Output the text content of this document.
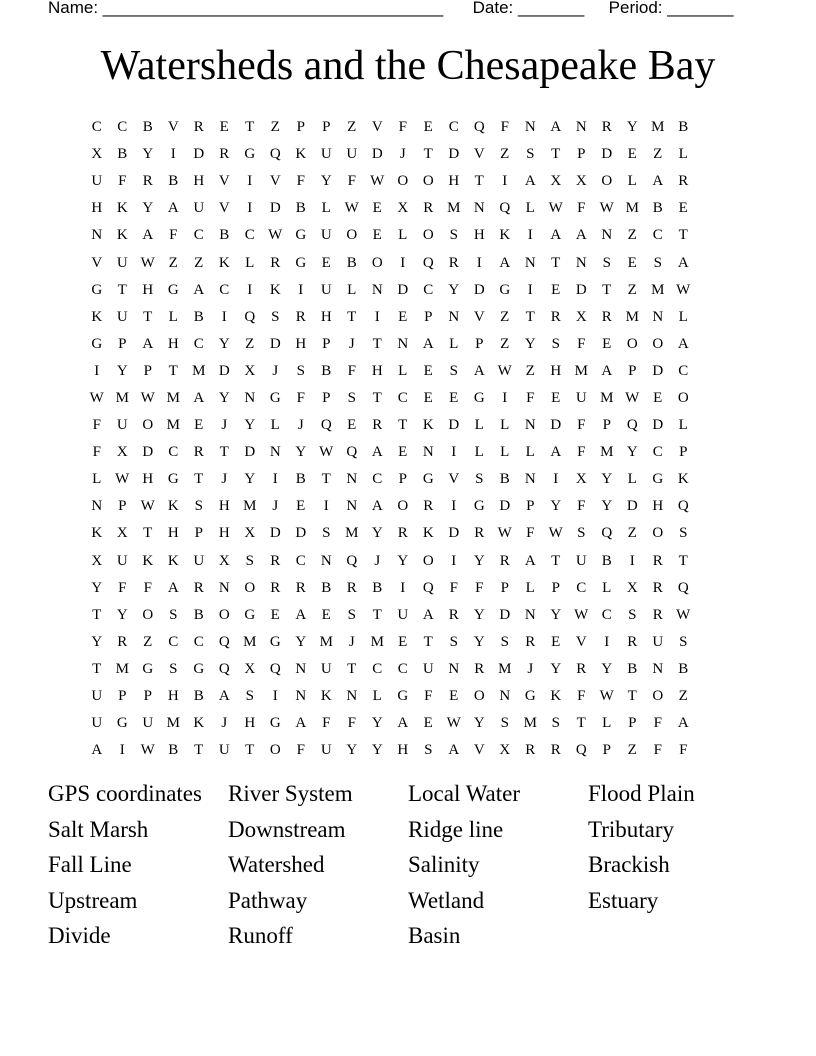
Name: ____________________________________ Date: _______ Period: _______
Watersheds and the Chesapeake Bay
C	C	B	V	R	E	T	Z	P	P	Z	V	F	E	C	Q	F	N A N	R	Y M B
X	B	Y	I	D	R	G Q K U U D	J	T	D V	Z	S	T	P	D	E	Z	L
U	F	R	B	H V	I	V	F	Y	F W O O H	T	I	A X X O	L	A	R
H K Y A U V	I	D	B	L W E	X	R M N Q	L W F W M B	E
N K A	F	C	B	C W G U O	E	L	O	S	H K	I	A A N	Z	C	T
V U W Z	Z	K	L	R	G	E	B	O	I	Q	R	I	A N	T	N	S	E	S	A
G	T	H G A	C	I	K	I	U	L	N D	C	Y D G	I	E	D	T	Z M W
K U	T	L	B	I	Q	S	R	H	T	I	E	P	N V	Z	T	R	X	R M N	L
G	P	A H	C	Y	Z	D H	P	J	T	N A	L	P	Z	Y	S	F	E	O O A
I	Y	P	T M D X	J	S	B	F	H	L	E	S	A W Z	H M A	P	D	C
W M W M A Y N G	F	P	S	T	C	E	E	G	I	F	E	U M W E	O
F	U O M E	J	Y	L	J	Q	E	R	T	K D	L	L	N D	F	P	Q D	L
F	X D	C	R	T	D N Y W Q A	E	N	I	L	L	L	A	F M Y	C	P
L W H G	T	J	Y	I	B	T	N	C	P	G V	S	B	N	I	X Y	L	G K
N	P W K	S	H M	J	E	I	N A O	R	I	G D	P	Y	F	Y D H Q
K X	T	H	P	H X D D	S M Y	R	K D	R W F W S	Q	Z	O	S
X U K K U X	S	R	C	N Q	J	Y O	I	Y	R	A	T	U	B	I	R	T
Y	F	F	A	R	N O	R	R	B	R	B	I	Q	F	F	P	L	P	C	L	X	R	Q
T	Y O	S	B	O G	E	A	E	S	T	U A	R	Y D N Y W C	S	R W
Y	R	Z	C	C	Q M G Y M	J	M E	T	S	Y	S	R	E	V	I	R	U	S
T M G	S	G Q X Q N U	T	C	C	U N	R M	J	Y	R	Y	B	N	B
U	P	P	H	B	A	S	I	N K N	L	G	F	E	O N G K	F W T	O	Z
U G U M K	J	H G A	F	F	Y A	E W Y	S M S	T	L	P	F	A
A	I	W B	T	U	T	O	F	U Y Y H	S	A V X	R	R	Q	P	Z	F	F
GPS coordinates	River System	Local Water	Flood Plain
Salt Marsh	Downstream	Ridge line	Tributary
Fall Line	Watershed	Salinity	Brackish
Upstream	Pathway	Wetland	Estuary
Divide	Runoff	Basin
